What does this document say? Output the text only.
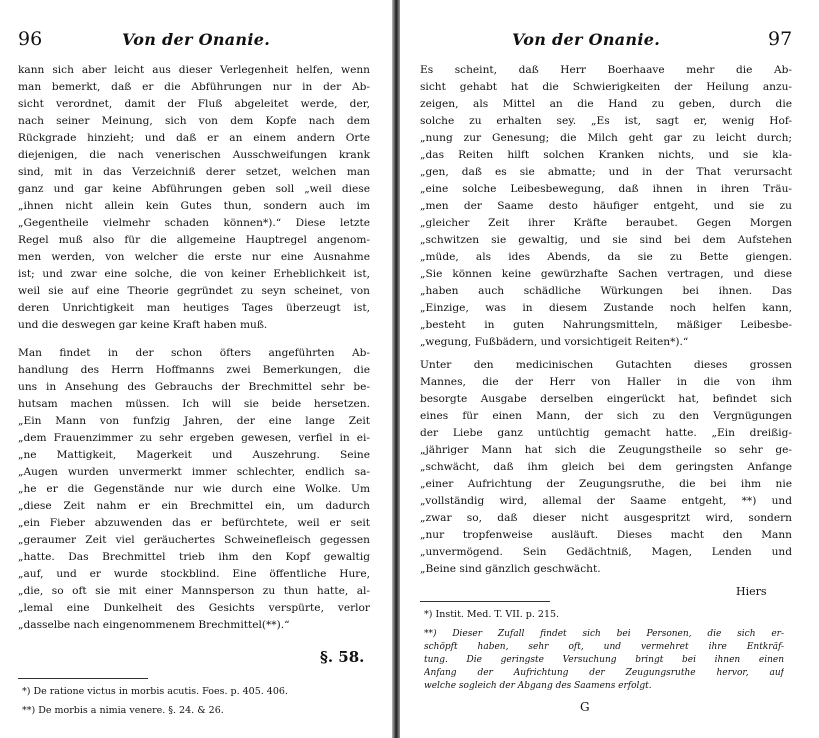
96	Von der Onanie.
kann sich aber leicht aus dieser Verlegenheit helfen, wenn
man bemerkt, daß er die Abführungen nur in der Ab-
sicht verordnet, damit der Fluß abgeleitet werde, der,
nach seiner Meinung, sich von dem Kopfe nach dem
Rückgrade hinzieht; und daß er an einem andern Orte
diejenigen, die nach venerischen Ausschweifungen krank
sind, mit in das Verzeichniß derer setzet, welchen man
ganz und gar keine Abführungen geben soll „weil diese
„ihnen nicht allein kein Gutes thun, sondern auch im
„Gegentheile vielmehr schaden können*).“ Diese letzte
Regel muß also für die allgemeine Hauptregel angenom-
men werden, von welcher die erste nur eine Ausnahme
ist; und zwar eine solche, die von keiner Erheblichkeit ist,
weil sie auf eine Theorie gegründet zu seyn scheinet, von
deren Unrichtigkeit man heutiges Tages überzeugt ist,
und die deswegen gar keine Kraft haben muß.
Man findet in der schon öfters angeführten Ab-
handlung des Herrn Hoffmanns zwei Bemerkungen, die
uns in Ansehung des Gebrauchs der Brechmittel sehr be-
hutsam machen müssen. Ich will sie beide hersetzen.
„Ein Mann von funfzig Jahren, der eine lange Zeit
„dem Frauenzimmer zu sehr ergeben gewesen, verfiel in ei-
„ne Mattigkeit, Magerkeit und Auszehrung. Seine
„Augen wurden unvermerkt immer schlechter, endlich sa-
„he er die Gegenstände nur wie durch eine Wolke. Um
„diese Zeit nahm er ein Brechmittel ein, um dadurch
„ein Fieber abzuwenden das er befürchtete, weil er seit
„geraumer Zeit viel geräuchertes Schweinefleisch gegessen
„hatte. Das Brechmittel trieb ihm den Kopf gewaltig
„auf, und er wurde stockblind. Eine öffentliche Hure,
„die, so oft sie mit einer Mannsperson zu thun hatte, al-
„lemal eine Dunkelheit des Gesichts verspürte, verlor
„dasselbe nach eingenommenem Brechmittel(**).“
§. 58.
*) De ratione victus in morbis acutis. Foes. p. 405. 406.
**) De morbis a nimia venere. §. 24. & 26.
Von der Onanie.	97
Es scheint, daß Herr Boerhaave mehr die Ab-
sicht gehabt hat die Schwierigkeiten der Heilung anzu-
zeigen, als Mittel an die Hand zu geben, durch die
solche zu erhalten sey. „Es ist, sagt er, wenig Hof-
„nung zur Genesung; die Milch geht gar zu leicht durch;
„das Reiten hilft solchen Kranken nichts, und sie kla-
„gen, daß es sie abmatte; und in der That verursacht
„eine solche Leibesbewegung, daß ihnen in ihren Träu-
„men der Saame desto häufiger entgeht, und sie zu
„gleicher Zeit ihrer Kräfte beraubet. Gegen Morgen
„schwitzen sie gewaltig, und sie sind bei dem Aufstehen
„müde, als ides Abends, da sie zu Bette giengen.
„Sie können keine gewürzhafte Sachen vertragen, und diese
„haben auch schädliche Würkungen bei ihnen. Das
„Einzige, was in diesem Zustande noch helfen kann,
„besteht in guten Nahrungsmitteln, mäßiger Leibesbe-
„wegung, Fußbädern, und vorsichtigeit Reiten*).“
Unter den medicinischen Gutachten dieses grossen
Mannes, die der Herr von Haller in die von ihm
besorgte Ausgabe derselben eingerückt hat, befindet sich
eines für einen Mann, der sich zu den Vergnügungen
der Liebe ganz untüchtig gemacht hatte. „Ein dreißig-
„jähriger Mann hat sich die Zeugungstheile so sehr ge-
„schwächt, daß ihm gleich bei dem geringsten Anfange
„einer Aufrichtung der Zeugungsruthe, die bei ihm nie
„vollständig wird, allemal der Saame entgeht, **) und
„zwar so, daß dieser nicht ausgespritzt wird, sondern
„nur tropfenweise ausläuft. Dieses macht den Mann
„unvermögend. Sein Gedächtniß, Magen, Lenden und
„Beine sind gänzlich geschwächt.
Hiers
*) Instit. Med. T. VII. p. 215.
**) Dieser Zufall findet sich bei Personen, die sich er-
schöpft haben, sehr oft, und vermehret ihre Entkräf-
tung. Die geringste Versuchung bringt bei ihnen einen
Anfang der Aufrichtung der Zeugungsruthe hervor, auf
welche sogleich der Abgang des Saamens erfolgt.
G
